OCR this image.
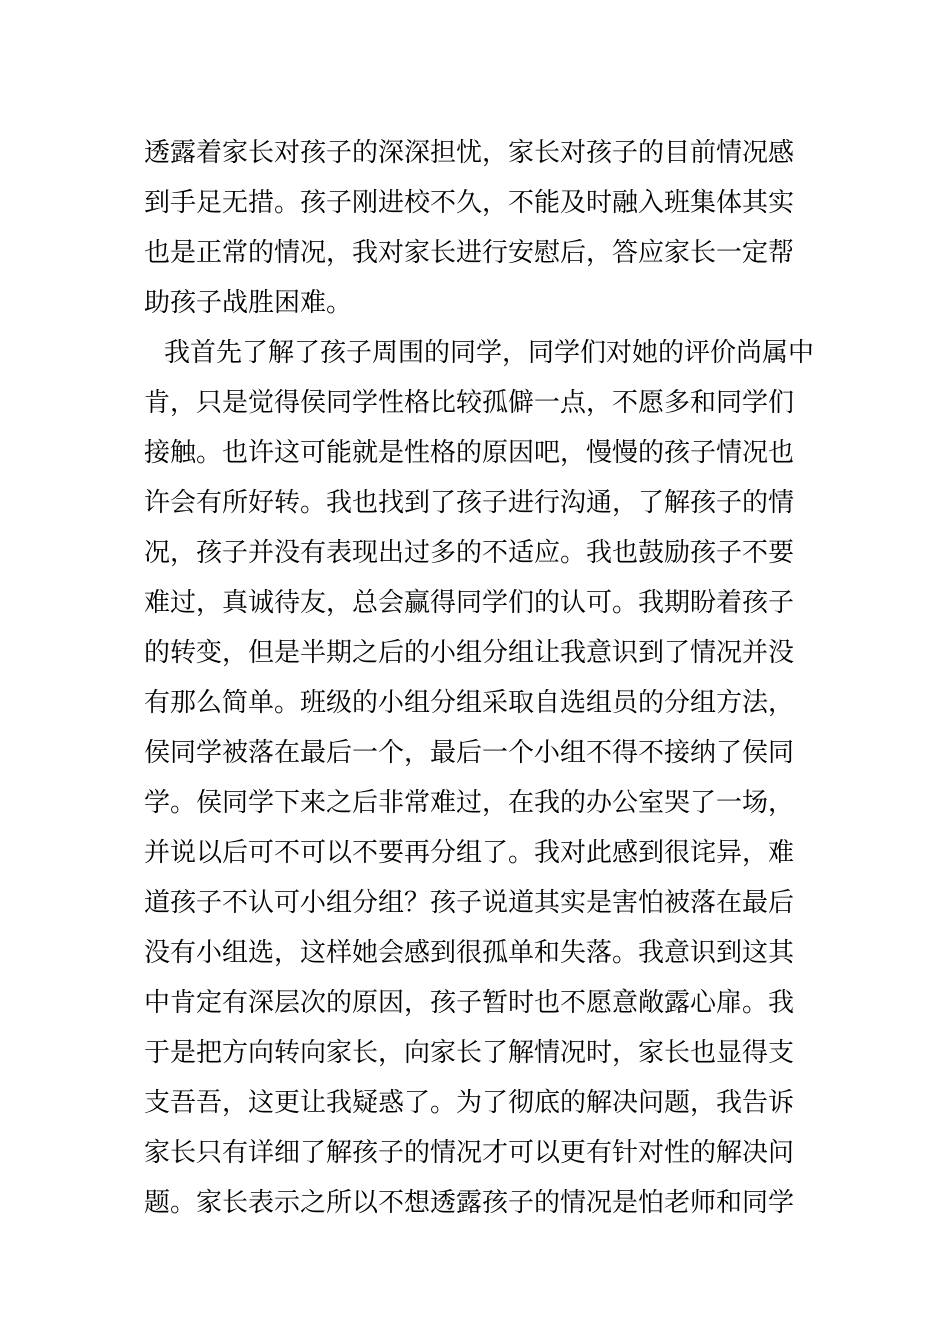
透露着家长对孩子的深深担忧，家长对孩子的目前情况感
到手足无措。孩子刚进校不久，不能及时融入班集体其实
也是正常的情况，我对家长进行安慰后，答应家长一定帮
助孩子战胜困难。
我首先了解了孩子周围的同学，同学们对她的评价尚属中
肯，只是觉得侯同学性格比较孤僻一点，不愿多和同学们
接触。也许这可能就是性格的原因吧，慢慢的孩子情况也
许会有所好转。我也找到了孩子进行沟通，了解孩子的情
况，孩子并没有表现出过多的不适应。我也鼓励孩子不要
难过，真诚待友，总会赢得同学们的认可。我期盼着孩子
的转变，但是半期之后的小组分组让我意识到了情况并没
有那么简单。班级的小组分组采取自选组员的分组方法，
侯同学被落在最后一个，最后一个小组不得不接纳了侯同
学。侯同学下来之后非常难过，在我的办公室哭了一场，
并说以后可不可以不要再分组了。我对此感到很诧异，难
道孩子不认可小组分组？孩子说道其实是害怕被落在最后
没有小组选，这样她会感到很孤单和失落。我意识到这其
中肯定有深层次的原因，孩子暂时也不愿意敞露心扉。我
于是把方向转向家长，向家长了解情况时，家长也显得支
支吾吾，这更让我疑惑了。为了彻底的解决问题，我告诉
家长只有详细了解孩子的情况才可以更有针对性的解决问
题。家长表示之所以不想透露孩子的情况是怕老师和同学
